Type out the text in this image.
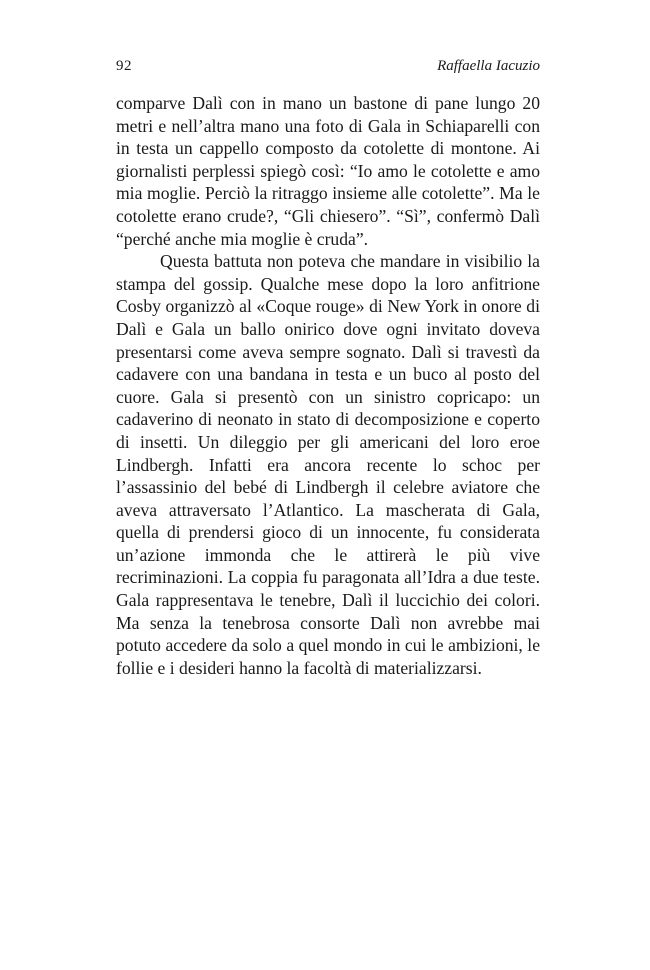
92	Raffaella Iacuzio

comparve Dalì con in mano un bastone di pane lungo 20 metri e nell’altra mano una foto di Gala in Schiaparelli con in testa un cappello composto da cotolette di montone. Ai giornalisti perplessi spiegò così: “Io amo le cotolette e amo mia moglie. Perciò la ritraggo insieme alle cotolette”. Ma le cotolette erano crude?, “Gli chiesero”. “Sì”, confermò Dalì “perché anche mia moglie è cruda”.

Questa battuta non poteva che mandare in visibilio la stampa del gossip. Qualche mese dopo la loro anfitrione Cosby organizzò al «Coque rouge» di New York in onore di Dalì e Gala un ballo onirico dove ogni invitato doveva presentarsi come aveva sempre sognato. Dalì si travestì da cadavere con una bandana in testa e un buco al posto del cuore. Gala si presentò con un sinistro copricapo: un cadaverino di neonato in stato di decomposizione e coperto di insetti. Un dileggio per gli americani del loro eroe Lindbergh. Infatti era ancora recente lo schoc per l’assassinio del bebé di Lindbergh il celebre aviatore che aveva attraversato l’Atlantico. La mascherata di Gala, quella di prendersi gioco di un innocente, fu considerata un’azione immonda che le attirerà le più vive recriminazioni. La coppia fu paragonata all’Idra a due teste. Gala rappresentava le tenebre, Dalì il luccichio dei colori. Ma senza la tenebrosa consorte Dalì non avrebbe mai potuto accedere da solo a quel mondo in cui le ambizioni, le follie e i desideri hanno la facoltà di materializzarsi.
